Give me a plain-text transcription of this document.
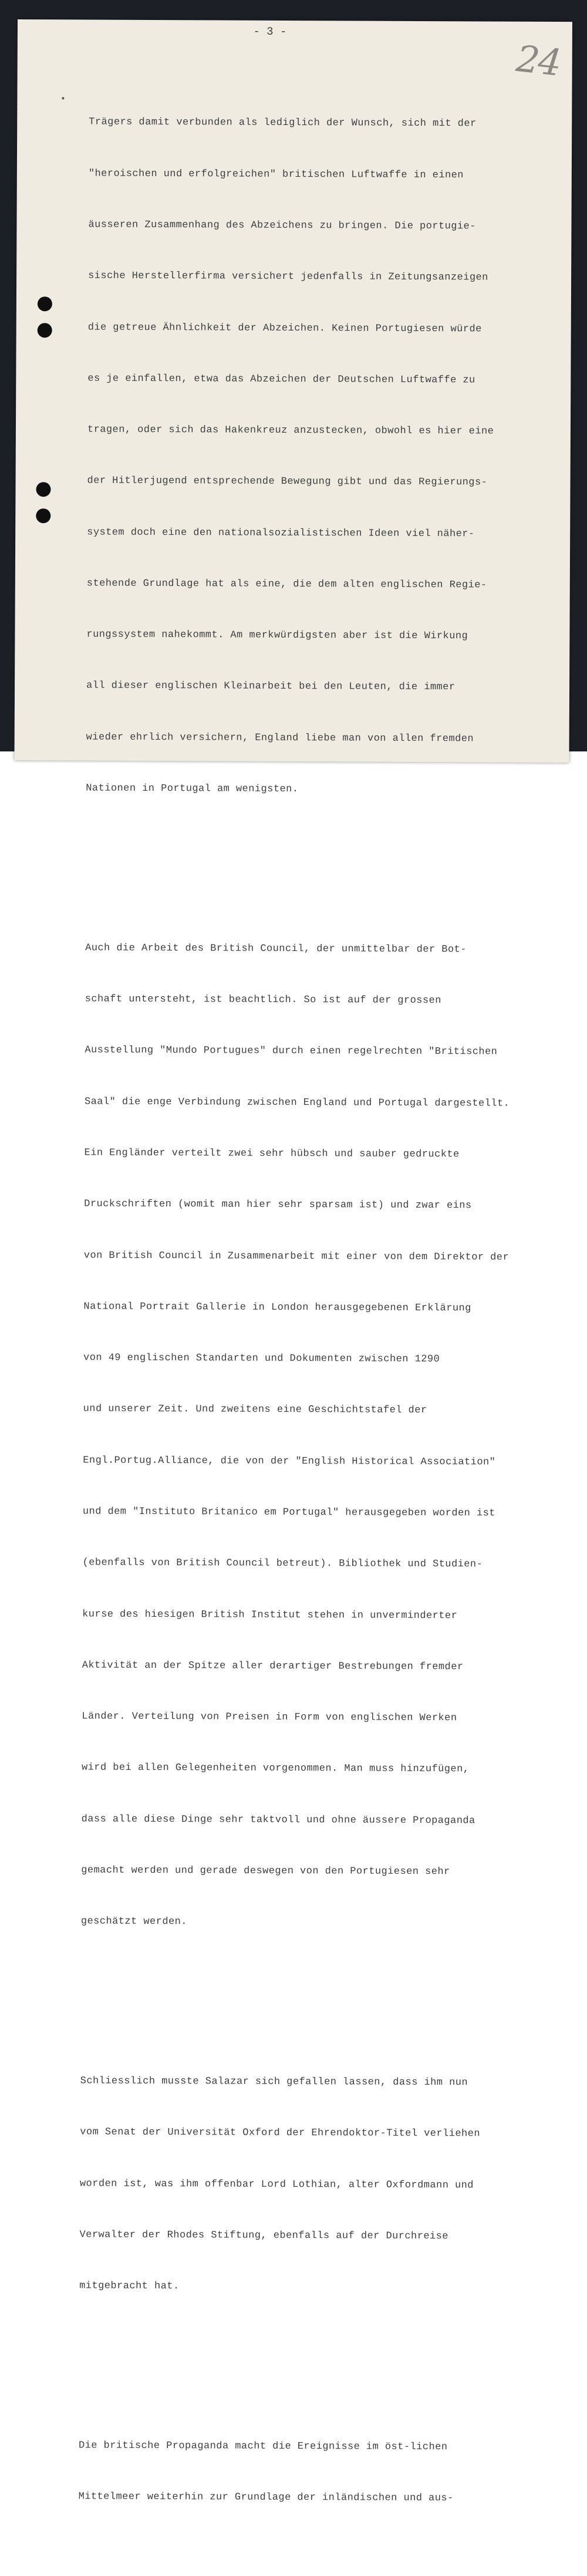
- 3 -
24

Trägers damit verbunden als lediglich der Wunsch, sich mit der

"heroischen und erfolgreichen" britischen Luftwaffe in einen

äusseren Zusammenhang des Abzeichens zu bringen. Die portugie-

sische Herstellerfirma versichert jedenfalls in Zeitungsanzeigen

die getreue Ähnlichkeit der Abzeichen. Keinen Portugiesen würde

es je einfallen, etwa das Abzeichen der Deutschen Luftwaffe zu

tragen, oder sich das Hakenkreuz anzustecken, obwohl es hier eine

der Hitlerjugend entsprechende Bewegung gibt und das Regierungs-

system doch eine den nationalsozialistischen Ideen viel näher-

stehende Grundlage hat als eine, die dem alten englischen Regie-

rungssystem nahekommt. Am merkwürdigsten aber ist die Wirkung

all dieser englischen Kleinarbeit bei den Leuten, die immer

wieder ehrlich versichern, England liebe man von allen fremden

Nationen in Portugal am wenigsten.

Auch die Arbeit des British Council, der unmittelbar der Bot-

schaft untersteht, ist beachtlich. So ist auf der grossen

Ausstellung "Mundo Portugues" durch einen regelrechten "Britischen

Saal" die enge Verbindung zwischen England und Portugal dargestellt.

Ein Engländer verteilt zwei sehr hübsch und sauber gedruckte

Druckschriften (womit man hier sehr sparsam ist) und zwar eins

von British Council in Zusammenarbeit mit einer von dem Direktor der

National Portrait Gallerie in London herausgegebenen Erklärung

von 49 englischen Standarten und Dokumenten zwischen 1290

und unserer Zeit. Und zweitens eine Geschichtstafel der

Engl.Portug.Alliance, die von der "English Historical Association"

und dem "Instituto Britanico em Portugal" herausgegeben worden ist

(ebenfalls von British Council betreut). Bibliothek und Studien-

kurse des hiesigen British Institut stehen in unverminderter

Aktivität an der Spitze aller derartiger Bestrebungen fremder

Länder. Verteilung von Preisen in Form von englischen Werken

wird bei allen Gelegenheiten vorgenommen. Man muss hinzufügen,

dass alle diese Dinge sehr taktvoll und ohne äussere Propaganda

gemacht werden und gerade deswegen von den Portugiesen sehr

geschätzt werden.

Schliesslich musste Salazar sich gefallen lassen, dass ihm nun

vom Senat der Universität Oxford der Ehrendoktor-Titel verliehen

worden ist, was ihm offenbar Lord Lothian, alter Oxfordmann und

Verwalter der Rhodes Stiftung, ebenfalls auf der Durchreise

mitgebracht hat.

Die britische Propaganda macht die Ereignisse im öst-lichen

Mittelmeer weiterhin zur Grundlage der inländischen und aus-
